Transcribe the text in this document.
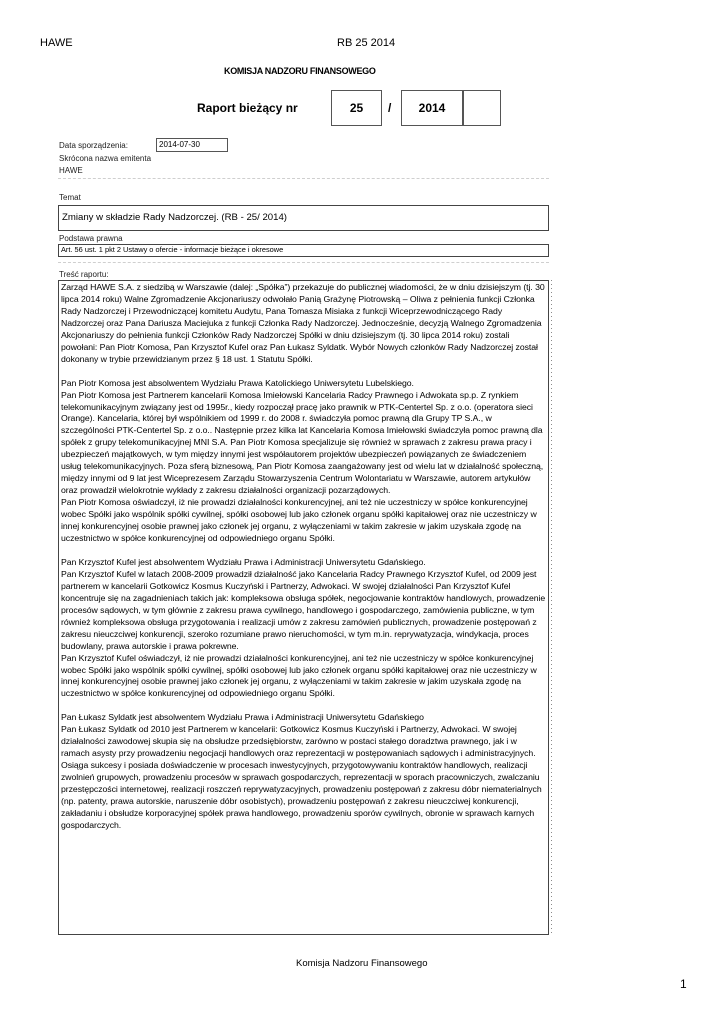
HAWE	RB 25 2014
KOMISJA NADZORU FINANSOWEGO
Raport bieżący nr	25	/	2014
Data sporządzenia:	2014-07-30
Skrócona nazwa emitenta
HAWE
Temat
Zmiany w składzie Rady Nadzorczej. (RB - 25/ 2014)
Podstawa prawna
Art. 56 ust. 1 pkt 2 Ustawy o ofercie - informacje bieżące i okresowe
Treść raportu:

Zarząd HAWE S.A. z siedzibą w Warszawie (dalej: „Spółka”) przekazuje do publicznej wiadomości, że w dniu dzisiejszym (tj. 30 lipca 2014 roku) Walne Zgromadzenie Akcjonariuszy odwołało Panią Grażynę Piotrowską – Oliwa z pełnienia funkcji Członka Rady Nadzorczej i Przewodniczącej komitetu Audytu, Pana Tomasza Misiaka z funkcji Wiceprzewodniczącego Rady Nadzorczej oraz Pana Dariusza Maciejuka z funkcji Członka Rady Nadzorczej. Jednocześnie, decyzją Walnego Zgromadzenia Akcjonariuszy do pełnienia funkcji Członków Rady Nadzorczej Spółki w dniu dzisiejszym (tj. 30 lipca 2014 roku) zostali powołani: Pan Piotr Komosa, Pan Krzysztof Kufel oraz Pan Łukasz Syldatk. Wybór Nowych członków Rady Nadzorczej został dokonany w trybie przewidzianym przez § 18 ust. 1 Statutu Spółki.

Pan Piotr Komosa jest absolwentem Wydziału Prawa Katolickiego Uniwersytetu Lubelskiego.

Pan Piotr Komosa jest Partnerem kancelarii Komosa Imiełowski Kancelaria Radcy Prawnego i Adwokata sp.p. Z rynkiem telekomunikacyjnym związany jest od 1995r., kiedy rozpoczął pracę jako prawnik w PTK-Centertel Sp. z o.o. (operatora sieci Orange). Kancelaria, której był wspólnikiem od 1999 r. do 2008 r. świadczyła pomoc prawną dla Grupy TP S.A., w szczególności PTK-Centertel Sp. z o.o.. Następnie przez kilka lat Kancelaria Komosa Imiełowski świadczyła pomoc prawną dla spółek z grupy telekomunikacyjnej MNI S.A. Pan Piotr Komosa specjalizuje się również w sprawach z zakresu prawa pracy i ubezpieczeń majątkowych, w tym między innymi jest współautorem projektów ubezpieczeń powiązanych ze świadczeniem usług telekomunikacyjnych. Poza sferą biznesową, Pan Piotr Komosa zaangażowany jest od wielu lat w działalność społeczną, między innymi od 9 lat jest Wiceprezesem Zarządu Stowarzyszenia Centrum Wolontariatu w Warszawie, autorem artykułów oraz prowadził wielokrotnie wykłady z zakresu działalności organizacji pozarządowych.

Pan Piotr Komosa oświadczył, iż nie prowadzi działalności konkurencyjnej, ani też nie uczestniczy w spółce konkurencyjnej wobec Spółki jako wspólnik spółki cywilnej, spółki osobowej lub jako członek organu spółki kapitałowej oraz nie uczestniczy w innej konkurencyjnej osobie prawnej jako członek jej organu, z wyłączeniami w takim zakresie w jakim uzyskała zgodę na uczestnictwo w spółce konkurencyjnej od odpowiedniego organu Spółki.

Pan Krzysztof Kufel jest absolwentem Wydziału Prawa i Administracji Uniwersytetu Gdańskiego.

Pan Krzysztof Kufel w latach 2008-2009 prowadził działalność jako Kancelaria Radcy Prawnego Krzysztof Kufel, od 2009 jest partnerem w kancelarii Gotkowicz Kosmus Kuczyński i Partnerzy, Adwokaci. W swojej działalności Pan Krzysztof Kufel koncentruje się na zagadnieniach takich jak: kompleksowa obsługa spółek, negocjowanie kontraktów handlowych, prowadzenie procesów sądowych, w tym głównie z zakresu prawa cywilnego, handlowego i gospodarczego, zamówienia publiczne, w tym również kompleksowa obsługa przygotowania i realizacji umów z zakresu zamówień publicznych, prowadzenie postępowań z zakresu nieuczciwej konkurencji, szeroko rozumiane prawo nieruchomości, w tym m.in. reprywatyzacja, windykacja, proces budowlany, prawa autorskie i prawa pokrewne.

Pan Krzysztof Kufel oświadczył, iż nie prowadzi działalności konkurencyjnej, ani też nie uczestniczy w spółce konkurencyjnej wobec Spółki jako wspólnik spółki cywilnej, spółki osobowej lub jako członek organu spółki kapitałowej oraz nie uczestniczy w innej konkurencyjnej osobie prawnej jako członek jej organu, z wyłączeniami w takim zakresie w jakim uzyskała zgodę na uczestnictwo w spółce konkurencyjnej od odpowiedniego organu Spółki.

Pan Łukasz Syldatk jest absolwentem Wydziału Prawa i Administracji Uniwersytetu Gdańskiego

Pan Łukasz Syldatk od 2010 jest Partnerem w kancelarii: Gotkowicz Kosmus Kuczyński i Partnerzy, Adwokaci. W swojej działalności zawodowej skupia się na obsłudze przedsiębiorstw, zarówno w postaci stałego doradztwa prawnego, jak i w ramach asysty przy prowadzeniu negocjacji handlowych oraz reprezentacji w postępowaniach sądowych i administracyjnych. Osiąga sukcesy i posiada doświadczenie w procesach inwestycyjnych, przygotowywaniu kontraktów handlowych, realizacji zwolnień grupowych, prowadzeniu procesów w sprawach gospodarczych, reprezentacji w sporach pracowniczych, zwalczaniu przestępczości internetowej, realizacji roszczeń reprywatyzacyjnych, prowadzeniu postępowań z zakresu dóbr niematerialnych (np. patenty, prawa autorskie, naruszenie dóbr osobistych), prowadzeniu postępowań z zakresu nieuczciwej konkurencji, zakładaniu i obsłudze korporacyjnej spółek prawa handlowego, prowadzeniu sporów cywilnych, obronie w sprawach karnych gospodarczych.

Komisja Nadzoru Finansowego
1
